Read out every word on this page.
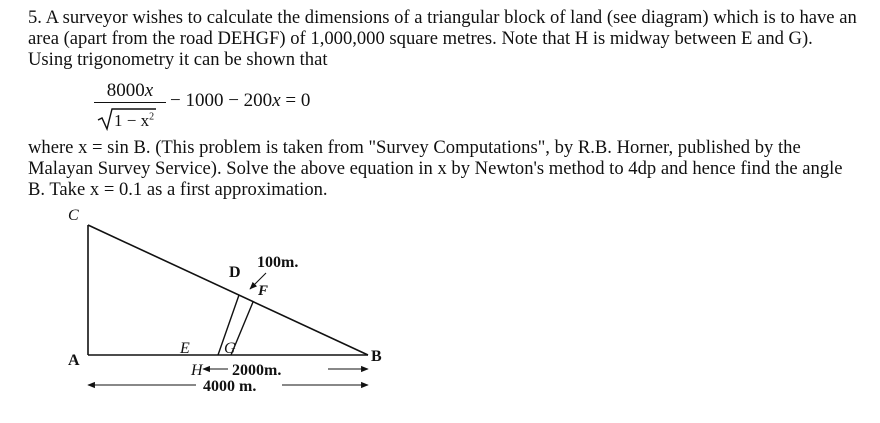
5. A surveyor wishes to calculate the dimensions of a triangular block of land (see diagram) which is to have an area (apart from the road DEHGF) of 1,000,000 square metres. Note that H is midway between E and G). Using trigonometry it can be shown that

8000x
$1 - x^2$
− 1000 − 200x = 0

where x = sin B. (This problem is taken from "Survey Computations", by R.B. Horner, published by the Malayan Survey Service). Solve the above equation in x by Newton's method to 4dp and hence find the angle B. Take x = 0.1 as a first approximation.

C
A	B
D
F
100m.
E G
H 2000m.
4000 m.
